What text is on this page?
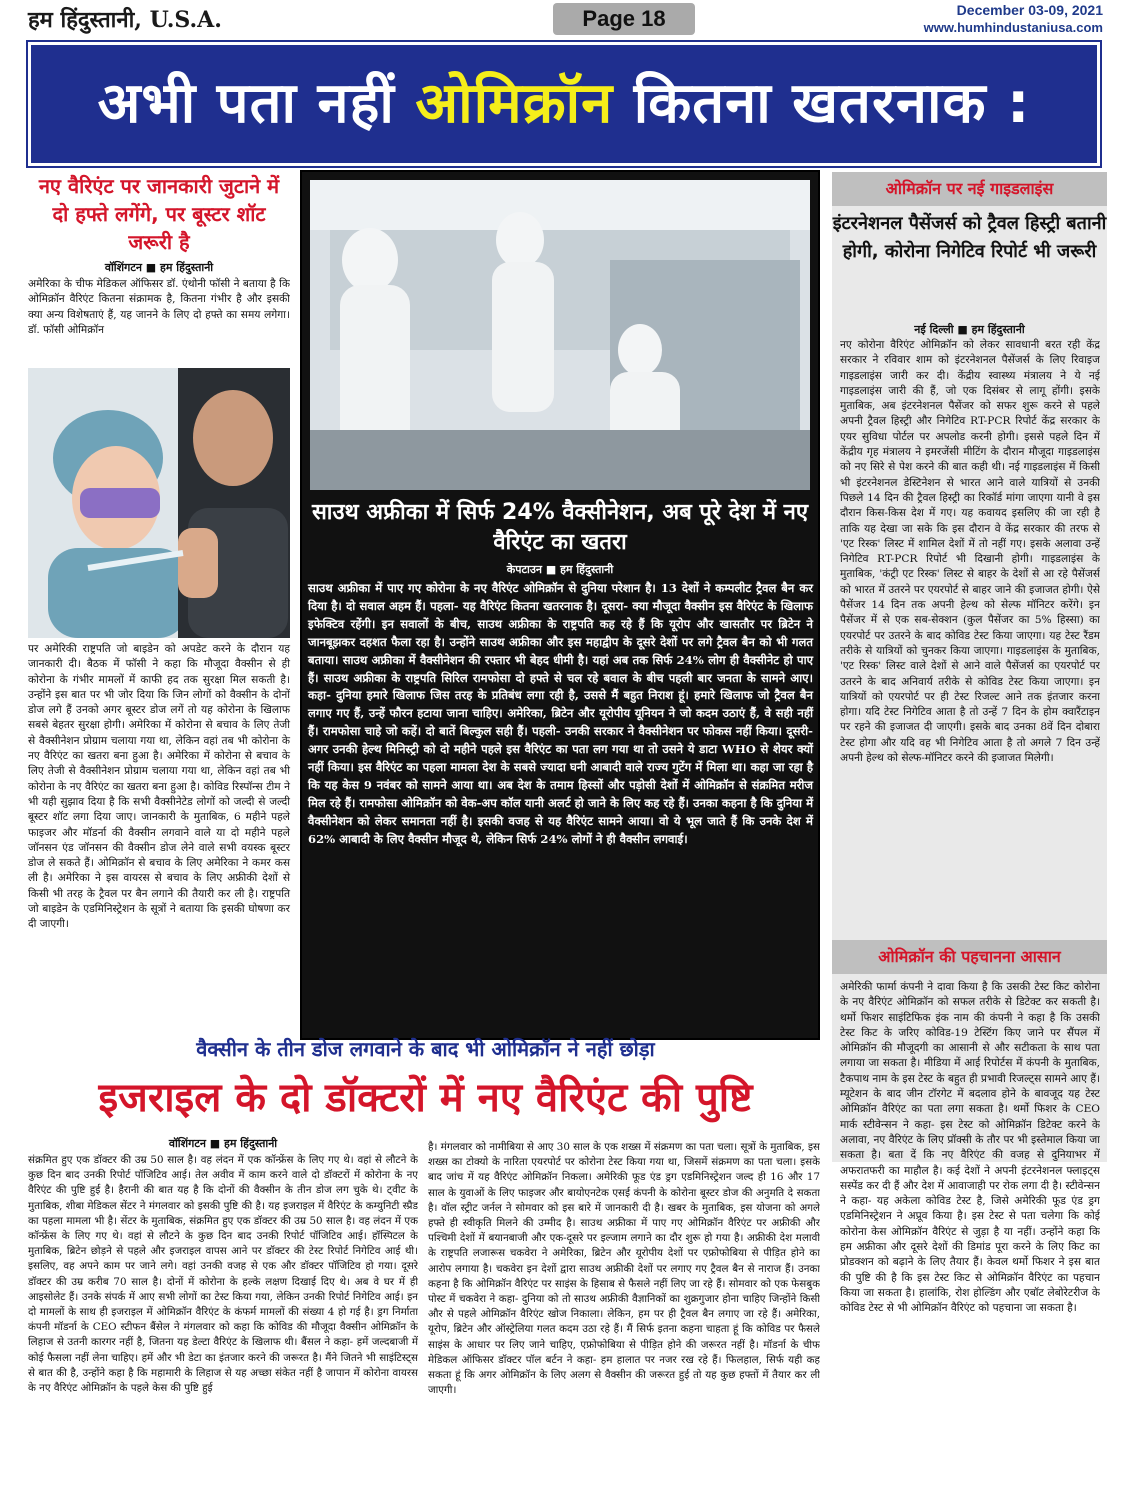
हम हिंदुस्तानी, U.S.A.	Page 18	December 03-09, 2021
www.humhindustaniusa.com
अभी पता नहीं ओमिक्रॉन कितना खतरनाक :
नए वैरिएंट पर जानकारी जुटाने में दो हफ्ते लगेंगे, पर बूस्टर शॉट जरूरी है
वॉशिंगटन ■ हम हिंदुस्तानी
अमेरिका के चीफ मेडिकल ऑफिसर डॉ. एंथोनी फॉसी ने बताया है कि ओमिक्रॉन वैरिएंट कितना संक्रामक है, कितना गंभीर है और इसकी क्या अन्य विशेषताएं हैं, यह जानने के लिए दो हफ्ते का समय लगेगा। डॉ. फॉसी ओमिक्रॉन
पर अमेरिकी राष्ट्रपति जो बाइडेन को अपडेट करने के दौरान यह जानकारी दी। बैठक में फॉसी ने कहा कि मौजूदा वैक्सीन से ही कोरोना के गंभीर मामलों में काफी हद तक सुरक्षा मिल सकती है। उन्होंने इस बात पर भी जोर दिया कि जिन लोगों को वैक्सीन के दोनों डोज लगे हैं उनको अगर बूस्टर डोज लगें तो यह कोरोना के खिलाफ सबसे बेहतर सुरक्षा होगी। अमेरिका में कोरोना से बचाव के लिए तेजी से वैक्सीनेशन प्रोग्राम चलाया गया था, लेकिन वहां तब भी कोरोना के नए वैरिएंट का खतरा बना हुआ है। अमेरिका में कोरोना से बचाव के लिए तेजी से वैक्सीनेशन प्रोग्राम चलाया गया था, लेकिन वहां तब भी कोरोना के नए वैरिएंट का खतरा बना हुआ है। कोविड रिस्पॉन्स टीम ने भी यही सुझाव दिया है कि सभी वैक्सीनेटेड लोगों को जल्दी से जल्दी बूस्टर शॉट लगा दिया जाए। जानकारी के मुताबिक, 6 महीने पहले फाइजर और मॉडर्ना की वैक्सीन लगवाने वाले या दो महीने पहले जॉनसन एंड जॉनसन की वैक्सीन डोज लेने वाले सभी वयस्क बूस्टर डोज ले सकते हैं। ओमिक्रॉन से बचाव के लिए अमेरिका ने कमर कस ली है। अमेरिका ने इस वायरस से बचाव के लिए अफ्रीकी देशों से किसी भी तरह के ट्रैवल पर बैन लगाने की तैयारी कर ली है। राष्ट्रपति जो बाइडेन के एडमिनिस्ट्रेशन के सूत्रों ने बताया कि इसकी घोषणा कर दी जाएगी।
साउथ अफ्रीका में सिर्फ 24% वैक्सीनेशन, अब पूरे देश में नए वैरिएंट का खतरा
केपटाउन ■ हम हिंदुस्तानी
साउथ अफ्रीका में पाए गए कोरोना के नए वैरिएंट ओमिक्रॉन से दुनिया परेशान है। 13 देशों ने कम्पलीट ट्रैवल बैन कर दिया है। दो सवाल अहम हैं। पहला- यह वैरिएंट कितना खतरनाक है। दूसरा- क्या मौजूदा वैक्सीन इस वैरिएंट के खिलाफ इफेक्टिव रहेंगी। इन सवालों के बीच, साउथ अफ्रीका के राष्ट्रपति कह रहे हैं कि यूरोप और खासतौर पर ब्रिटेन ने जानबूझकर दहशत फैला रहा है। उन्होंने साउथ अफ्रीका और इस महाद्वीप के दूसरे देशों पर लगे ट्रैवल बैन को भी गलत बताया। साउथ अफ्रीका में वैक्सीनेशन की रफ्तार भी बेहद धीमी है। यहां अब तक सिर्फ 24% लोग ही वैक्सीनेट हो पाए हैं। साउथ अफ्रीका के राष्ट्रपति सिरिल रामफोसा दो हफ्ते से चल रहे बवाल के बीच पहली बार जनता के सामने आए। कहा- दुनिया हमारे खिलाफ जिस तरह के प्रतिबंध लगा रही है, उससे मैं बहुत निराश हूं। हमारे खिलाफ जो ट्रैवल बैन लगाए गए हैं, उन्हें फौरन हटाया जाना चाहिए। अमेरिका, ब्रिटेन और यूरोपीय यूनियन ने जो कदम उठाएं हैं, वे सही नहीं हैं। रामफोसा चाहे जो कहें। दो बातें बिल्कुल सही हैं। पहली- उनकी सरकार ने वैक्सीनेशन पर फोकस नहीं किया। दूसरी- अगर उनकी हेल्थ मिनिस्ट्री को दो महीने पहले इस वैरिएंट का पता लग गया था तो उसने ये डाटा WHO से शेयर क्यों नहीं किया। इस वैरिएंट का पहला मामला देश के सबसे ज्यादा घनी आबादी वाले राज्य गुटेंग में मिला था। कहा जा रहा है कि यह केस 9 नवंबर को सामने आया था। अब देश के तमाम हिस्सों और पड़ोसी देशों में ओमिक्रॉन से संक्रमित मरीज मिल रहे हैं। रामफोसा ओमिक्रॉन को वेक-अप कॉल यानी अलर्ट हो जाने के लिए कह रहे हैं। उनका कहना है कि दुनिया में वैक्सीनेशन को लेकर समानता नहीं है। इसकी वजह से यह वैरिएंट सामने आया। वो ये भूल जाते हैं कि उनके देश में 62% आबादी के लिए वैक्सीन मौजूद थे, लेकिन सिर्फ 24% लोगों ने ही वैक्सीन लगवाई।
ओमिक्रॉन पर नई गाइडलाइंस
इंटरनेशनल पैसेंजर्स को ट्रैवल हिस्ट्री बतानी होगी, कोरोना निगेटिव रिपोर्ट भी जरूरी
नई दिल्ली ■ हम हिंदुस्तानी
नए कोरोना वैरिएंट ओमिक्रॉन को लेकर सावधानी बरत रही केंद्र सरकार ने रविवार शाम को इंटरनेशनल पैसेंजर्स के लिए रिवाइज गाइडलाइंस जारी कर दी। केंद्रीय स्वास्थ्य मंत्रालय ने ये नई गाइडलाइंस जारी की हैं, जो एक दिसंबर से लागू होंगी। इसके मुताबिक, अब इंटरनेशनल पैसेंजर को सफर शुरू करने से पहले अपनी ट्रैवल हिस्ट्री और निगेटिव RT-PCR रिपोर्ट केंद्र सरकार के एयर सुविधा पोर्टल पर अपलोड करनी होगी। इससे पहले दिन में केंद्रीय गृह मंत्रालय ने इमरजेंसी मीटिंग के दौरान मौजूदा गाइडलाइंस को नए सिरे से पेश करने की बात कही थी। नई गाइडलाइंस में किसी भी इंटरनेशनल डेस्टिनेशन से भारत आने वाले यात्रियों से उनकी पिछले 14 दिन की ट्रैवल हिस्ट्री का रिकॉर्ड मांगा जाएगा यानी वे इस दौरान किस-किस देश में गए। यह कवायद इसलिए की जा रही है ताकि यह देखा जा सके कि इस दौरान वे केंद्र सरकार की तरफ से 'एट रिस्क' लिस्ट में शामिल देशों में तो नहीं गए। इसके अलावा उन्हें निगेटिव RT-PCR रिपोर्ट भी दिखानी होगी। गाइडलाइंस के मुताबिक, 'कंट्री एट रिस्क' लिस्ट से बाहर के देशों से आ रहे पैसेंजर्स को भारत में उतरने पर एयरपोर्ट से बाहर जाने की इजाजत होगी। ऐसे पैसेंजर 14 दिन तक अपनी हेल्थ को सेल्फ मॉनिटर करेंगे। इन पैसेंजर में से एक सब-सेक्शन (कुल पैसेंजर का 5% हिस्सा) का एयरपोर्ट पर उतरने के बाद कोविड टेस्ट किया जाएगा। यह टेस्ट रैंडम तरीके से यात्रियों को चुनकर किया जाएगा। गाइडलाइंस के मुताबिक, 'एट रिस्क' लिस्ट वाले देशों से आने वाले पैसेंजर्स का एयरपोर्ट पर उतरने के बाद अनिवार्य तरीके से कोविड टेस्ट किया जाएगा। इन यात्रियों को एयरपोर्ट पर ही टेस्ट रिजल्ट आने तक इंतजार करना होगा। यदि टेस्ट निगेटिव आता है तो उन्हें 7 दिन के होम क्वारैंटाइन पर रहने की इजाजत दी जाएगी। इसके बाद उनका 8वें दिन दोबारा टेस्ट होगा और यदि वह भी निगेटिव आता है तो अगले 7 दिन उन्हें अपनी हेल्थ को सेल्फ-मॉनिटर करने की इजाजत मिलेगी।
ओमिक्रॉन की पहचानना आसान
अमेरिकी फार्मा कंपनी ने दावा किया है कि उसकी टेस्ट किट कोरोना के नए वैरिएंट ओमिक्रॉन को सफल तरीके से डिटेक्ट कर सकती है। थर्मो फिशर साइंटिफिक इंक नाम की कंपनी ने कहा है कि उसकी टेस्ट किट के जरिए कोविड-19 टेस्टिंग किए जाने पर सैंपल में ओमिक्रॉन की मौजूदगी का आसानी से और सटीकता के साथ पता लगाया जा सकता है। मीडिया में आई रिपोर्टस में कंपनी के मुताबिक, टैकपाथ नाम के इस टेस्ट के बहुत ही प्रभावी रिजल्ट्स सामने आए हैं। म्यूटेशन के बाद जीन टॉरगेट में बदलाव होने के बावजूद यह टेस्ट ओमिक्रॉन वैरिएंट का पता लगा सकता है। थर्मो फिशर के CEO मार्क स्टीवेन्सन ने कहा- इस टेस्ट को ओमिक्रॉन डिटेक्ट करने के अलावा, नए वैरिएंट के लिए प्रॉक्सी के तौर पर भी इस्तेमाल किया जा सकता है। बता दें कि नए वैरिएंट की वजह से दुनियाभर में अफरातफरी का माहौल है। कई देशों ने अपनी इंटरनेशनल फ्लाइट्स सस्पेंड कर दी हैं और देश में आवाजाही पर रोक लगा दी है। स्टीवेन्सन ने कहा- यह अकेला कोविड टेस्ट है, जिसे अमेरिकी फूड एंड ड्रग एडमिनिस्ट्रेशन ने अप्रूव किया है। इस टेस्ट से पता चलेगा कि कोई कोरोना केस ओमिक्रॉन वैरिएंट से जुड़ा है या नहीं। उन्होंने कहा कि हम अफ्रीका और दूसरे देशों की डिमांड पूरा करने के लिए किट का प्रोडक्शन को बढ़ाने के लिए तैयार हैं। केवल थर्मो फिशर ने इस बात की पुष्टि की है कि इस टेस्ट किट से ओमिक्रॉन वैरिएंट का पहचान किया जा सकता है। हालांकि, रोश होल्डिंग और एबॉट लेबोरेटरीज के कोविड टेस्ट से भी ओमिक्रॉन वैरिएंट को पहचाना जा सकता है।
वैक्सीन के तीन डोज लगवाने के बाद भी ओमिक्रॉन ने नहीं छोड़ा
इजराइल के दो डॉक्टरों में नए वैरिएंट की पुष्टि
वॉशिंगटन ■ हम हिंदुस्तानी
संक्रमित हुए एक डॉक्टर की उम्र 50 साल है। वह लंदन में एक कॉन्फ्रेंस के लिए गए थे। वहां से लौटने के कुछ दिन बाद उनकी रिपोर्ट पॉजिटिव आई। तेल अवीव में काम करने वाले दो डॉक्टरों में कोरोना के नए वैरिएंट की पुष्टि हुई है। हैरानी की बात यह है कि दोनों की वैक्सीन के तीन डोज लग चुके थे। ट्वीट के मुताबिक, शीबा मेडिकल सेंटर ने मंगलवार को इसकी पुष्टि की है। यह इजराइल में वैरिएंट के कम्युनिटी स्प्रैड का पहला मामला भी है। सेंटर के मुताबिक, संक्रमित हुए एक डॉक्टर की उम्र 50 साल है। वह लंदन में एक कॉन्फ्रेंस के लिए गए थे। वहां से लौटने के कुछ दिन बाद उनकी रिपोर्ट पॉजिटिव आई। हॉस्पिटल के मुताबिक, ब्रिटेन छोड़ने से पहले और इजराइल वापस आने पर डॉक्टर की टेस्ट रिपोर्ट निगेटिव आई थी। इसलिए, वह अपने काम पर जाने लगे। वहां उनकी वजह से एक और डॉक्टर पॉजिटिव हो गया। दूसरे डॉक्टर की उम्र करीब 70 साल है। दोनों में कोरोना के हल्के लक्षण दिखाई दिए थे। अब वे घर में ही आइसोलेट हैं। उनके संपर्क में आए सभी लोगों का टेस्ट किया गया, लेकिन उनकी रिपोर्ट निगेटिव आई। इन दो मामलों के साथ ही इजराइल में ओमिक्रॉन वैरिएंट के कंफर्म मामलों की संख्या 4 हो गई है। ड्रग निर्माता कंपनी मॉडर्ना के CEO स्टीफन बैंसेल ने मंगलवार को कहा कि कोविड की मौजूदा वैक्सीन ओमिक्रॉन के लिहाज से उतनी कारगर नहीं है, जितना यह डेल्टा वैरिएंट के खिलाफ थी। बैंसल ने कहा- हमें जल्दबाजी में कोई फैसला नहीं लेना चाहिए। हमें और भी डेटा का इंतजार करने की जरूरत है। मैंने जितने भी साइंटिस्ट्स से बात की है, उन्होंने कहा है कि महामारी के लिहाज से यह अच्छा संकेत नहीं है जापान में कोरोना वायरस के नए वैरिएंट ओमिक्रॉन के पहले केस की पुष्टि हुई
है। मंगलवार को नामीबिया से आए 30 साल के एक शख्स में संक्रमण का पता चला। सूत्रों के मुताबिक, इस शख्स का टोक्यो के नारिता एयरपोर्ट पर कोरोना टेस्ट किया गया था, जिसमें संक्रमण का पता चला। इसके बाद जांच में यह वैरिएंट ओमिक्रॉन निकला। अमेरिकी फूड एंड ड्रग एडमिनिस्ट्रेशन जल्द ही 16 और 17 साल के युवाओं के लिए फाइजर और बायोएनटेक एसई कंपनी के कोरोना बूस्टर डोज की अनुमति दे सकता है। वॉल स्ट्रीट जर्नल ने सोमवार को इस बारे में जानकारी दी है। खबर के मुताबिक, इस योजना को अगले हफ्ते ही स्वीकृति मिलने की उम्मीद है। साउथ अफ्रीका में पाए गए ओमिक्रॉन वैरिएंट पर अफ्रीकी और पश्चिमी देशों में बयानबाजी और एक-दूसरे पर इल्जाम लगाने का दौर शुरू हो गया है। अफ्रीकी देश मलावी के राष्ट्रपति लजारूस चकवेरा ने अमेरिका, ब्रिटेन और यूरोपीय देशों पर एफ्रोफोबिया से पीड़ित होने का आरोप लगाया है। चकवेरा इन देशों द्वारा साउथ अफ्रीकी देशों पर लगाए गए ट्रैवल बैन से नाराज हैं। उनका कहना है कि ओमिक्रॉन वैरिएंट पर साइंस के हिसाब से फैसले नहीं लिए जा रहे हैं। सोमवार को एक फेसबुक पोस्ट में चकवेरा ने कहा- दुनिया को तो साउथ अफ्रीकी वैज्ञानिकों का शुक्रगुजार होना चाहिए जिन्होंने किसी और से पहले ओमिक्रॉन वैरिएंट खोज निकाला। लेकिन, हम पर ही ट्रैवल बैन लगाए जा रहे हैं। अमेरिका, यूरोप, ब्रिटेन और ऑस्ट्रेलिया गलत कदम उठा रहे हैं। मैं सिर्फ इतना कहना चाहता हूं कि कोविड पर फैसले साइंस के आधार पर लिए जाने चाहिए, एफ्रोफोबिया से पीड़ित होने की जरूरत नहीं है। मॉडर्ना के चीफ मेडिकल ऑफिसर डॉक्टर पॉल बर्टन ने कहा- हम हालात पर नजर रख रहे हैं। फिलहाल, सिर्फ यही कह सकता हूं कि अगर ओमिक्रॉन के लिए अलग से वैक्सीन की जरूरत हुई तो यह कुछ हफ्तों में तैयार कर ली जाएगी।
